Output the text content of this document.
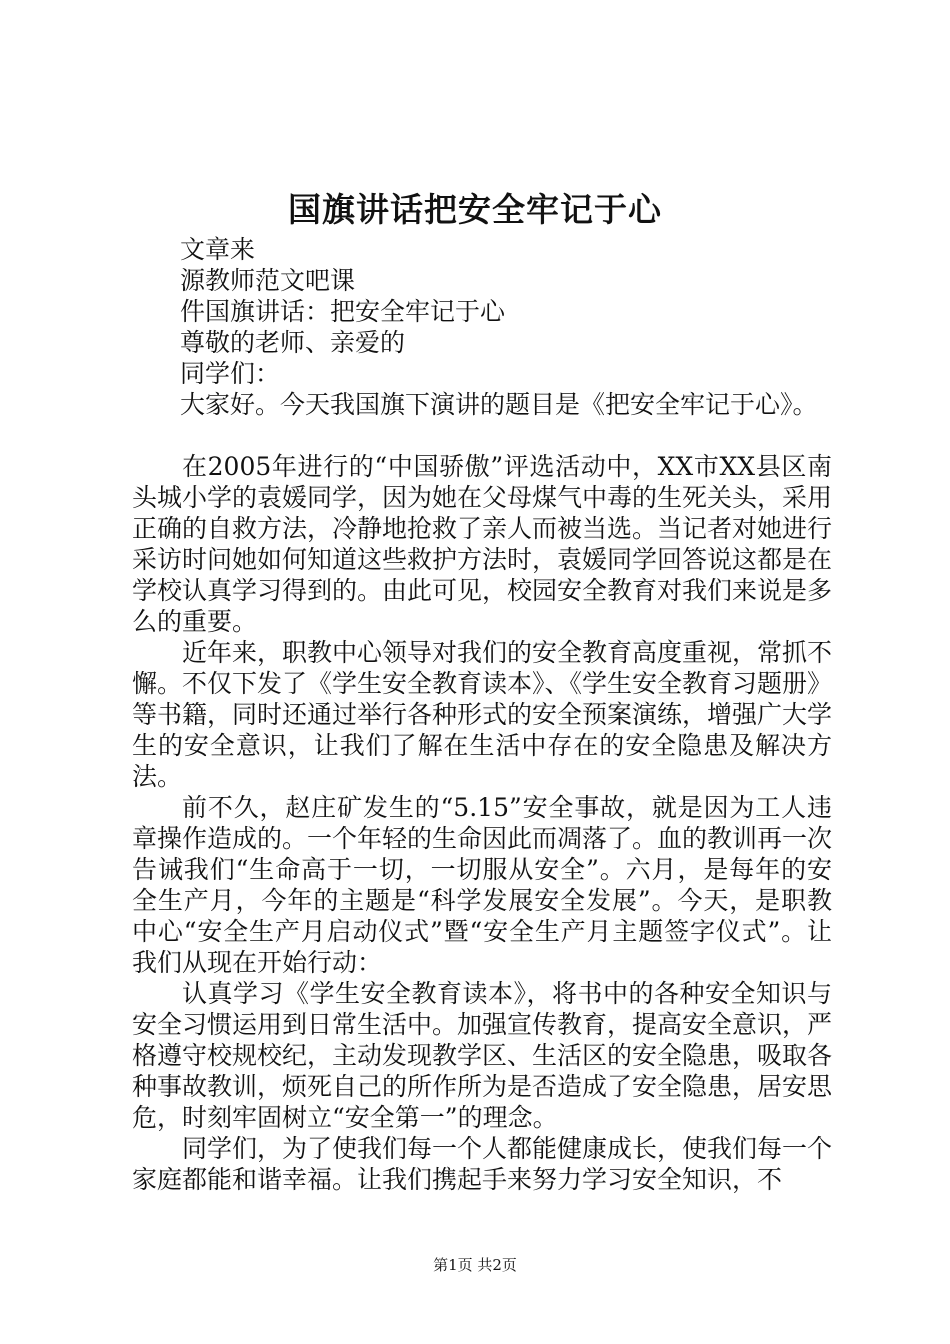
国旗讲话把安全牢记于心
文章来
源教师范文吧课
件国旗讲话：把安全牢记于心
尊敬的老师、亲爱的
同学们：
大家好。今天我国旗下演讲的题目是《把安全牢记于心》。

在2005年进行的“中国骄傲”评选活动中，XX市XX县区南头城小学的袁媛同学，因为她在父母煤气中毒的生死关头，采用正确的自救方法，冷静地抢救了亲人而被当选。当记者对她进行采访时问她如何知道这些救护方法时，袁媛同学回答说这都是在学校认真学习得到的。由此可见，校园安全教育对我们来说是多么的重要。

近年来，职教中心领导对我们的安全教育高度重视，常抓不懈。不仅下发了《学生安全教育读本》、《学生安全教育习题册》等书籍，同时还通过举行各种形式的安全预案演练，增强广大学生的安全意识，让我们了解在生活中存在的安全隐患及解决方法。

前不久，赵庄矿发生的“5.15”安全事故，就是因为工人违章操作造成的。一个年轻的生命因此而凋落了。血的教训再一次告诫我们“生命高于一切，一切服从安全”。六月，是每年的安全生产月，今年的主题是“科学发展安全发展”。今天，是职教中心“安全生产月启动仪式”暨“安全生产月主题签字仪式”。让我们从现在开始行动：

认真学习《学生安全教育读本》，将书中的各种安全知识与安全习惯运用到日常生活中。加强宣传教育，提高安全意识，严格遵守校规校纪，主动发现教学区、生活区的安全隐患，吸取各种事故教训，烦死自己的所作所为是否造成了安全隐患，居安思危，时刻牢固树立“安全第一”的理念。

同学们，为了使我们每一个人都能健康成长，使我们每一个家庭都能和谐幸福。让我们携起手来努力学习安全知识，不

第1页 共2页
